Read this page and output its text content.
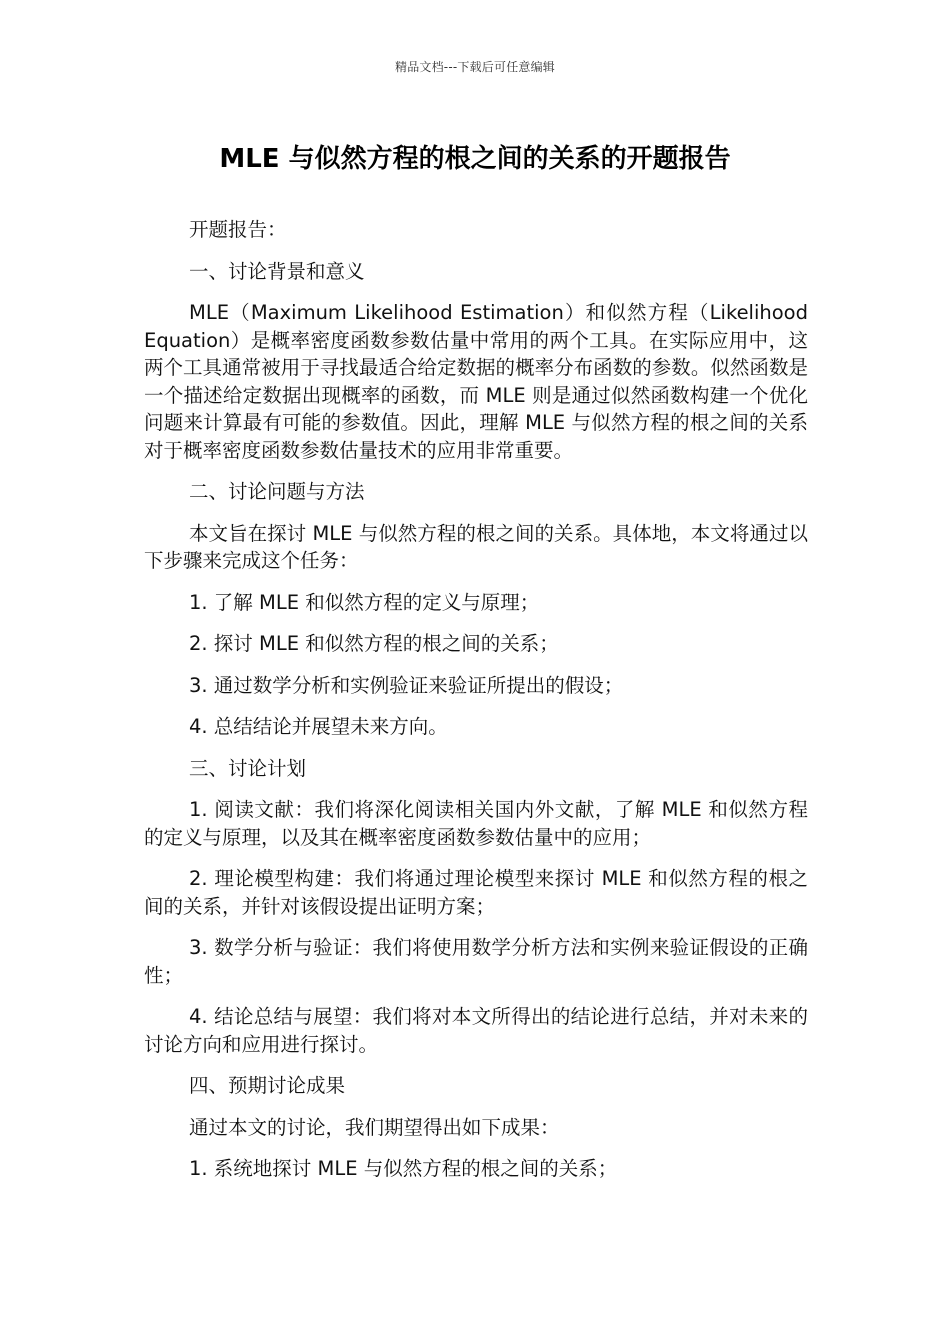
精品文档---下载后可任意编辑
MLE 与似然方程的根之间的关系的开题报告

开题报告：

一、讨论背景和意义

MLE（Maximum Likelihood Estimation）和似然方程（Likelihood Equation）是概率密度函数参数估量中常用的两个工具。在实际应用中，这两个工具通常被用于寻找最适合给定数据的概率分布函数的参数。似然函数是一个描述给定数据出现概率的函数，而 MLE 则是通过似然函数构建一个优化问题来计算最有可能的参数值。因此，理解 MLE 与似然方程的根之间的关系对于概率密度函数参数估量技术的应用非常重要。

二、讨论问题与方法

本文旨在探讨 MLE 与似然方程的根之间的关系。具体地，本文将通过以下步骤来完成这个任务：

1. 了解 MLE 和似然方程的定义与原理；

2. 探讨 MLE 和似然方程的根之间的关系；

3. 通过数学分析和实例验证来验证所提出的假设；

4. 总结结论并展望未来方向。

三、讨论计划

1. 阅读文献：我们将深化阅读相关国内外文献，了解 MLE 和似然方程的定义与原理，以及其在概率密度函数参数估量中的应用；

2. 理论模型构建：我们将通过理论模型来探讨 MLE 和似然方程的根之间的关系，并针对该假设提出证明方案；

3. 数学分析与验证：我们将使用数学分析方法和实例来验证假设的正确性；

4. 结论总结与展望：我们将对本文所得出的结论进行总结，并对未来的讨论方向和应用进行探讨。

四、预期讨论成果

通过本文的讨论，我们期望得出如下成果：

1. 系统地探讨 MLE 与似然方程的根之间的关系；
